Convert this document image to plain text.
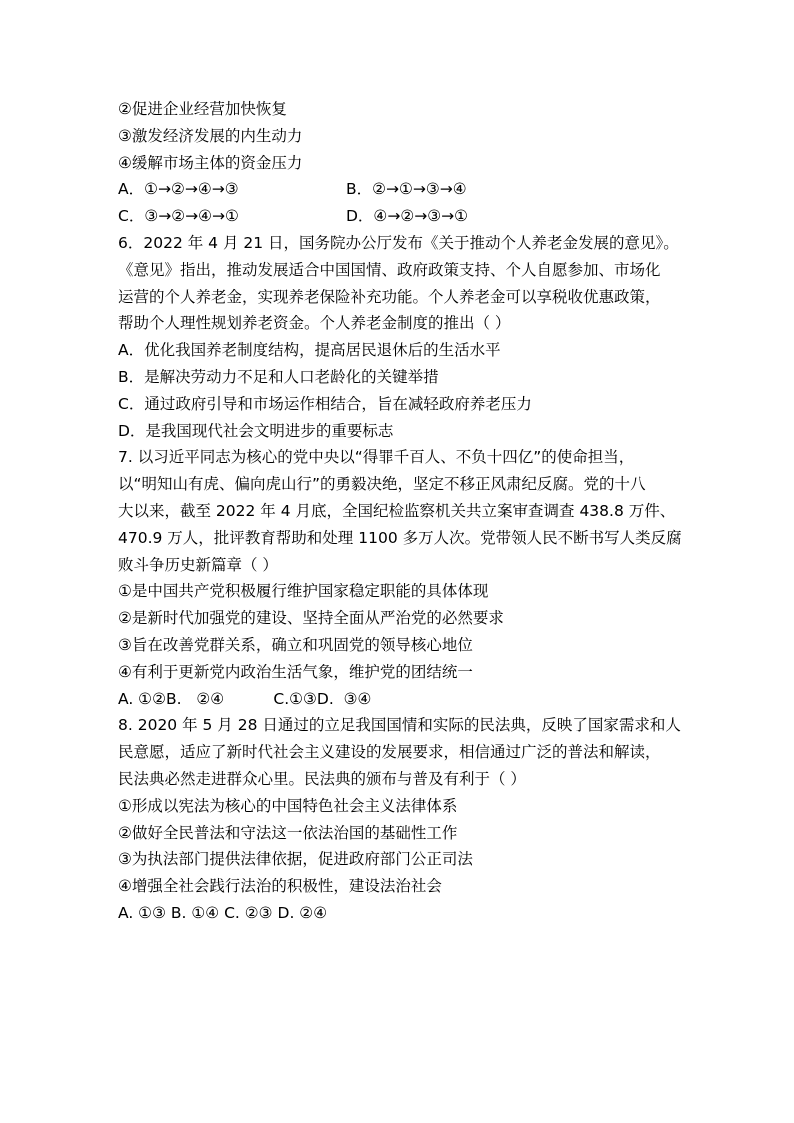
②促进企业经营加快恢复
③激发经济发展的内生动力
④缓解市场主体的资金压力
A．①→②→④→③	B．②→①→③→④
C．③→②→④→①	D．④→②→③→①
6．2022 年 4 月 21 日，国务院办公厅发布《关于推动个人养老金发展的意见》。
《意见》指出，推动发展适合中国国情、政府政策支持、个人自愿参加、市场化
运营的个人养老金，实现养老保险补充功能。个人养老金可以享税收优惠政策，
帮助个人理性规划养老资金。个人养老金制度的推出（ ）
A．优化我国养老制度结构，提高居民退休后的生活水平
B．是解决劳动力不足和人口老龄化的关键举措
C．通过政府引导和市场运作相结合，旨在减轻政府养老压力
D．是我国现代社会文明进步的重要标志
7. 以习近平同志为核心的党中央以“得罪千百人、不负十四亿”的使命担当，
以“明知山有虎、偏向虎山行”的勇毅决绝，坚定不移正风肃纪反腐。党的十八
大以来，截至 2022 年 4 月底，全国纪检监察机关共立案审查调查 438.8 万件、
470.9 万人，批评教育帮助和处理 1100 多万人次。党带领人民不断书写人类反腐
败斗争历史新篇章（ ）
①是中国共产党积极履行维护国家稳定职能的具体体现
②是新时代加强党的建设、坚持全面从严治党的必然要求
③旨在改善党群关系，确立和巩固党的领导核心地位
④有利于更新党内政治生活气象，维护党的团结统一
A. ①②B.   ②④          C.①③D.  ③④
8. 2020 年 5 月 28 日通过的立足我国国情和实际的民法典，反映了国家需求和人
民意愿，适应了新时代社会主义建设的发展要求，相信通过广泛的普法和解读，
民法典必然走进群众心里。民法典的颁布与普及有利于（ ）
①形成以宪法为核心的中国特色社会主义法律体系
②做好全民普法和守法这一依法治国的基础性工作
③为执法部门提供法律依据，促进政府部门公正司法
④增强全社会践行法治的积极性，建设法治社会
A. ①③ B. ①④ C. ②③ D. ②④
